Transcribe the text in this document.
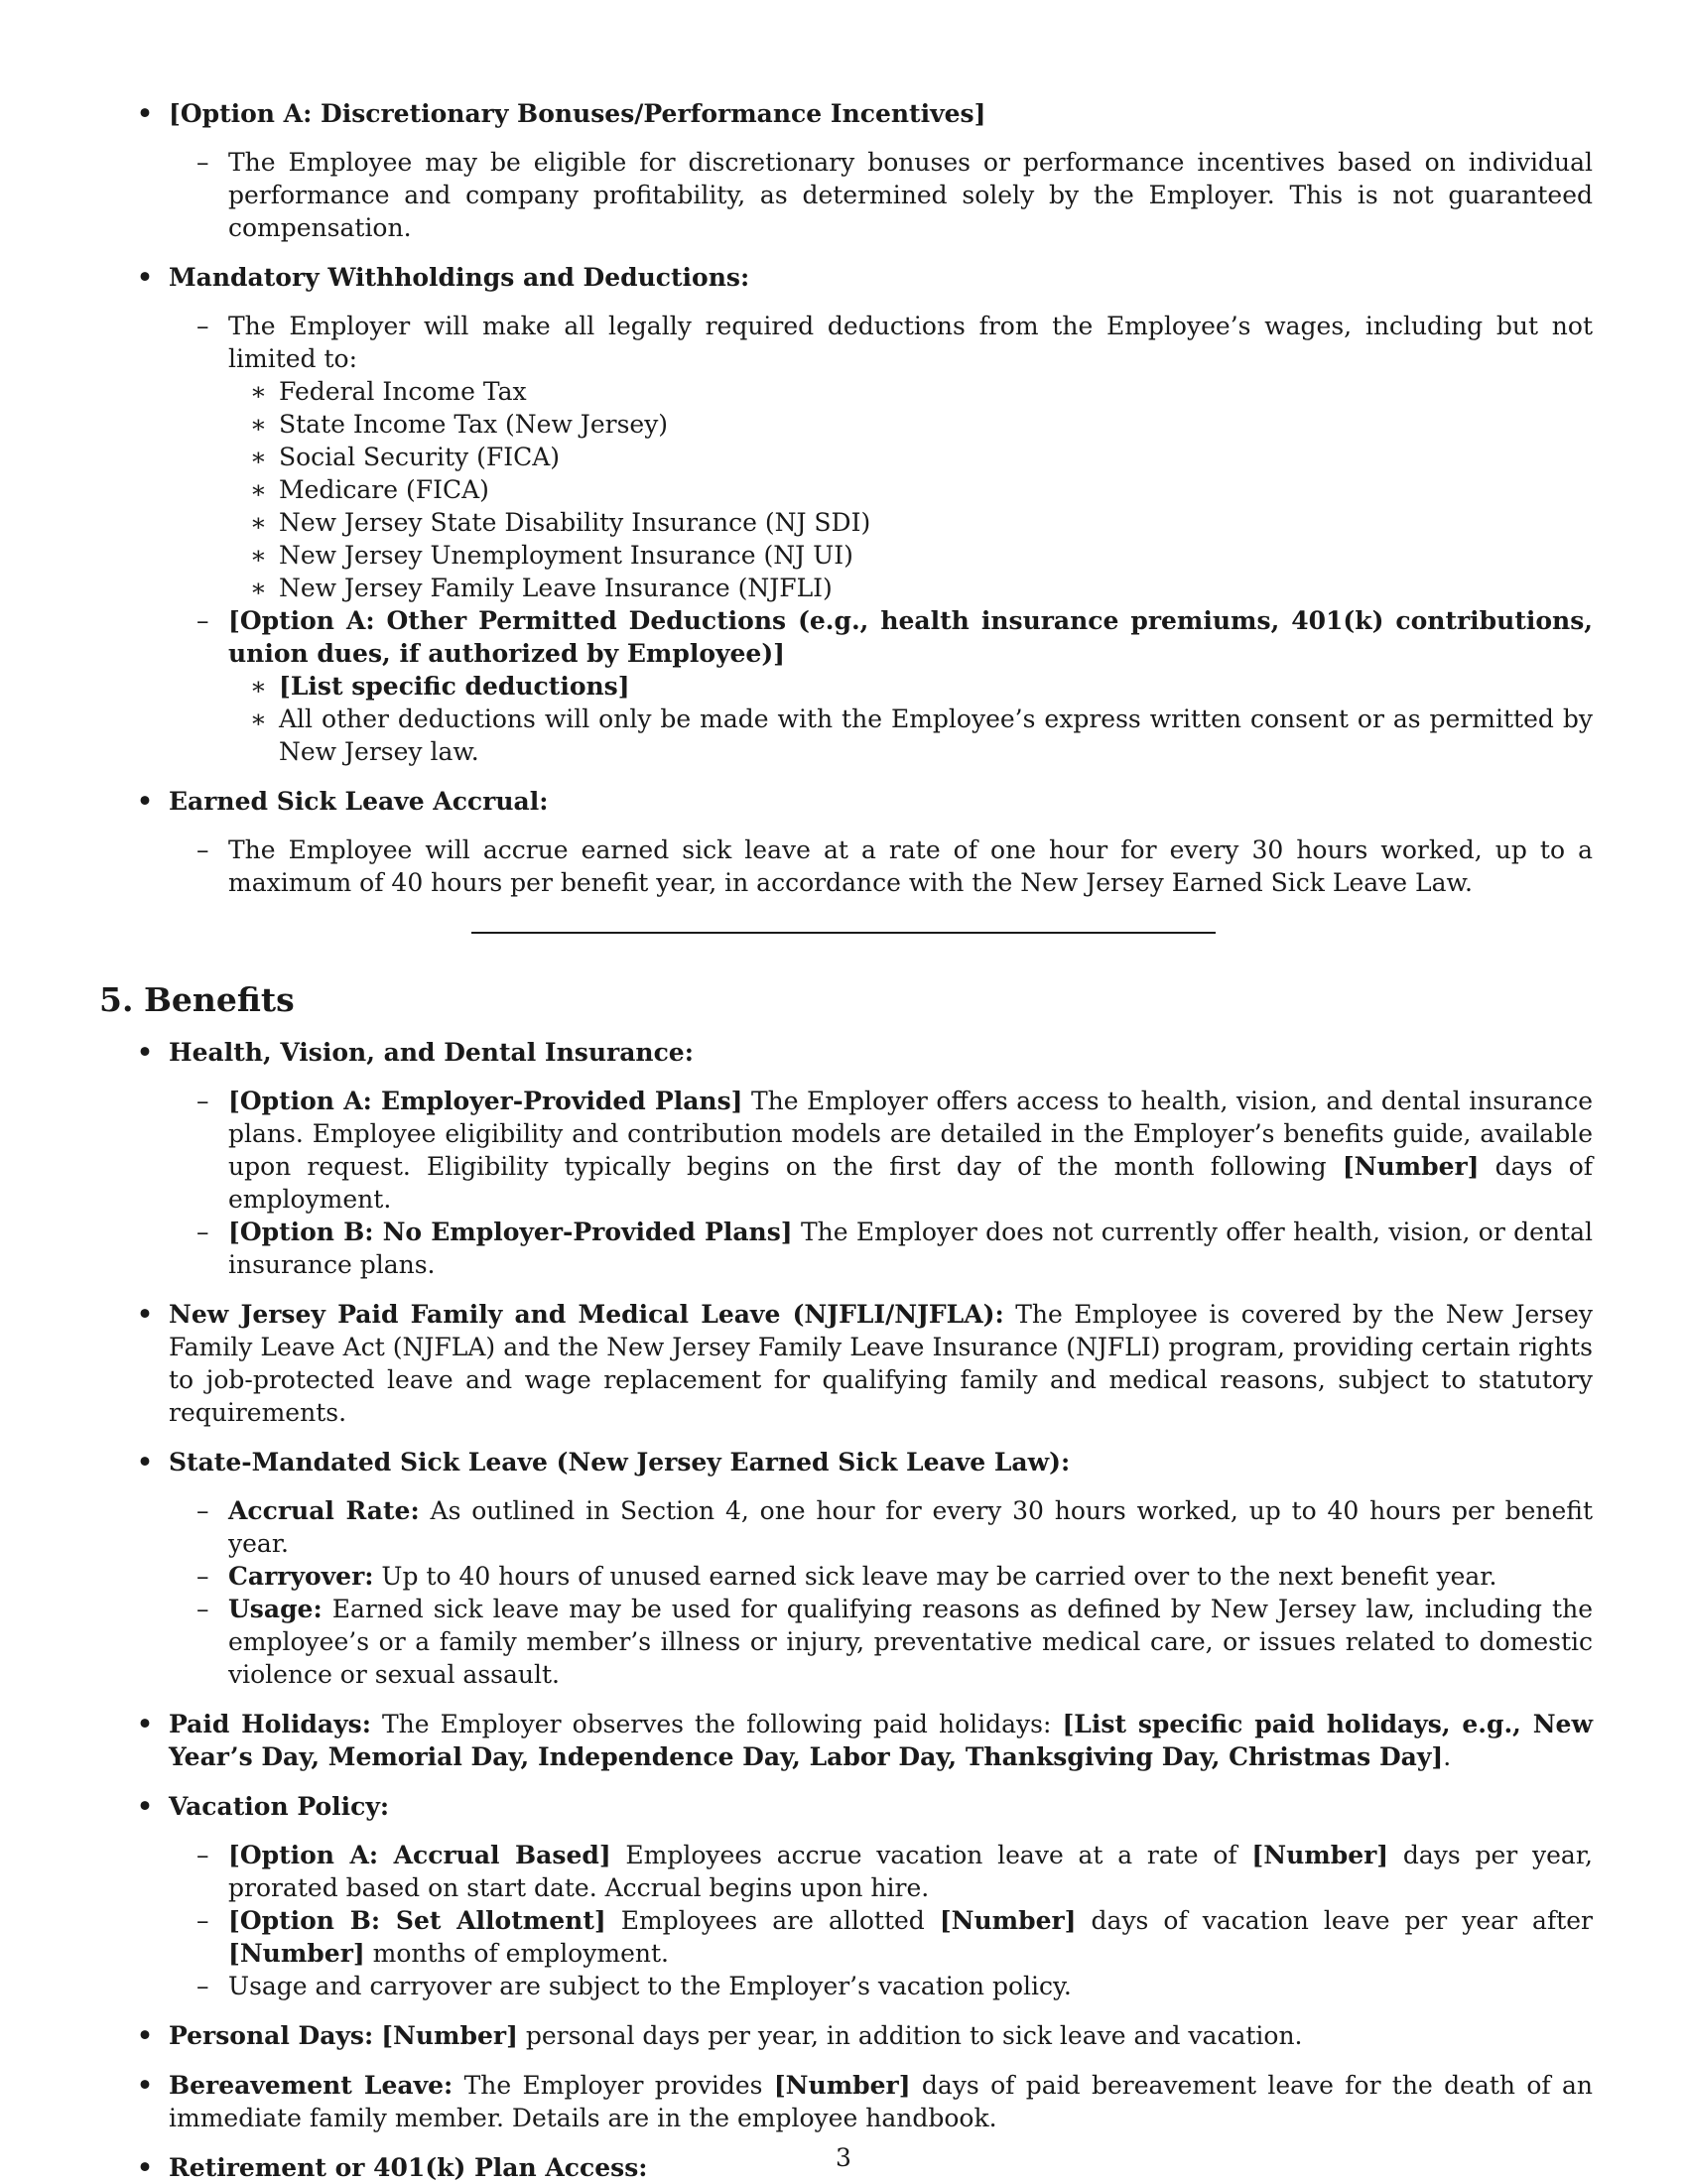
• [Option A: Discretionary Bonuses/Performance Incentives]
– The Employee may be eligible for discretionary bonuses or performance incentives based on individual performance and company profitability, as determined solely by the Employer. This is not guaranteed compensation.
• Mandatory Withholdings and Deductions:
– The Employer will make all legally required deductions from the Employee’s wages, including but not limited to:
∗ Federal Income Tax
∗ State Income Tax (New Jersey)
∗ Social Security (FICA)
∗ Medicare (FICA)
∗ New Jersey State Disability Insurance (NJ SDI)
∗ New Jersey Unemployment Insurance (NJ UI)
∗ New Jersey Family Leave Insurance (NJFLI)
– [Option A: Other Permitted Deductions (e.g., health insurance premiums, 401(k) contributions, union dues, if authorized by Employee)]
∗ [List specific deductions]
∗ All other deductions will only be made with the Employee’s express written consent or as permitted by New Jersey law.
• Earned Sick Leave Accrual:
– The Employee will accrue earned sick leave at a rate of one hour for every 30 hours worked, up to a maximum of 40 hours per benefit year, in accordance with the New Jersey Earned Sick Leave Law.
5. Benefits
• Health, Vision, and Dental Insurance:
– [Option A: Employer-Provided Plans] The Employer offers access to health, vision, and dental insurance plans. Employee eligibility and contribution models are detailed in the Employer’s benefits guide, available upon request. Eligibility typically begins on the first day of the month following [Number] days of employment.
– [Option B: No Employer-Provided Plans] The Employer does not currently offer health, vision, or dental insurance plans.
• New Jersey Paid Family and Medical Leave (NJFLI/NJFLA): The Employee is covered by the New Jersey Family Leave Act (NJFLA) and the New Jersey Family Leave Insurance (NJFLI) program, providing certain rights to job-protected leave and wage replacement for qualifying family and medical reasons, subject to statutory requirements.
• State-Mandated Sick Leave (New Jersey Earned Sick Leave Law):
– Accrual Rate: As outlined in Section 4, one hour for every 30 hours worked, up to 40 hours per benefit year.
– Carryover: Up to 40 hours of unused earned sick leave may be carried over to the next benefit year.
– Usage: Earned sick leave may be used for qualifying reasons as defined by New Jersey law, including the employee’s or a family member’s illness or injury, preventative medical care, or issues related to domestic violence or sexual assault.
• Paid Holidays: The Employer observes the following paid holidays: [List specific paid holidays, e.g., New Year’s Day, Memorial Day, Independence Day, Labor Day, Thanksgiving Day, Christmas Day].
• Vacation Policy:
– [Option A: Accrual Based] Employees accrue vacation leave at a rate of [Number] days per year, prorated based on start date. Accrual begins upon hire.
– [Option B: Set Allotment] Employees are allotted [Number] days of vacation leave per year after [Number] months of employment.
– Usage and carryover are subject to the Employer’s vacation policy.
• Personal Days: [Number] personal days per year, in addition to sick leave and vacation.
• Bereavement Leave: The Employer provides [Number] days of paid bereavement leave for the death of an immediate family member. Details are in the employee handbook.
• Retirement or 401(k) Plan Access:	3
